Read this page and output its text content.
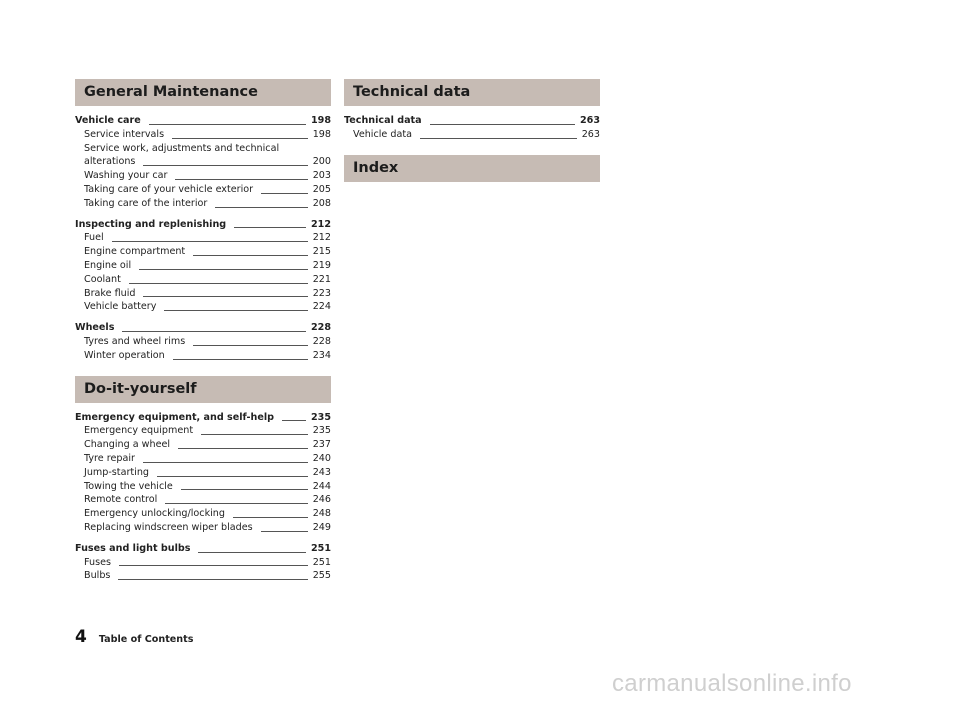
General Maintenance
Vehicle care	198
Service intervals	198
Service work, adjustments and technical
alterations	200
Washing your car	203
Taking care of your vehicle exterior	205
Taking care of the interior	208
Inspecting and replenishing	212
Fuel	212
Engine compartment	215
Engine oil	219
Coolant	221
Brake fluid	223
Vehicle battery	224
Wheels	228
Tyres and wheel rims	228
Winter operation	234
Do-it-yourself
Emergency equipment, and self-help	235
Emergency equipment	235
Changing a wheel	237
Tyre repair	240
Jump-starting	243
Towing the vehicle	244
Remote control	246
Emergency unlocking/locking	248
Replacing windscreen wiper blades	249
Fuses and light bulbs	251
Fuses	251
Bulbs	255
Technical data
Technical data	263
Vehicle data	263
Index
4 Table of Contents
carmanualsonline.info
